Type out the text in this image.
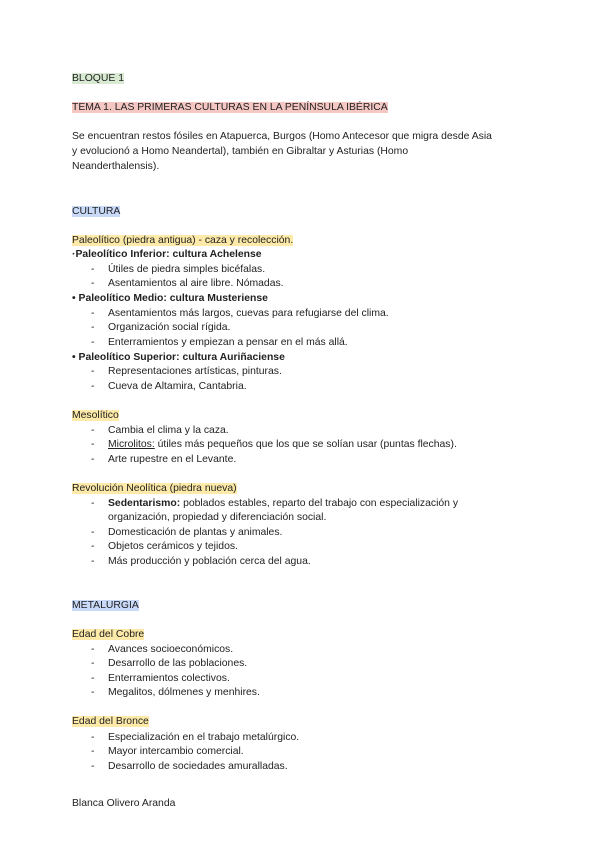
BLOQUE 1
TEMA 1. LAS PRIMERAS CULTURAS EN LA PENÍNSULA IBÉRICA
Se encuentran restos fósiles en Atapuerca, Burgos (Homo Antecesor que migra desde Asia
y evolucionó a Homo Neandertal), también en Gibraltar y Asturias (Homo
Neanderthalensis).
CULTURA
Paleolítico (piedra antigua) - caza y recolección.
·Paleolítico Inferior: cultura Achelense
- Útiles de piedra simples bicéfalas.
- Asentamientos al aire libre. Nómadas.
• Paleolítico Medio: cultura Musteriense
- Asentamientos más largos, cuevas para refugiarse del clima.
- Organización social rígida.
- Enterramientos y empiezan a pensar en el más allá.
• Paleolítico Superior: cultura Auriñaciense
- Representaciones artísticas, pinturas.
- Cueva de Altamira, Cantabria.
Mesolítico
- Cambia el clima y la caza.
- Microlitos: útiles más pequeños que los que se solían usar (puntas flechas).
- Arte rupestre en el Levante.
Revolución Neolítica (piedra nueva)
- Sedentarismo: poblados estables, reparto del trabajo con especialización y
organización, propiedad y diferenciación social.
- Domesticación de plantas y animales.
- Objetos cerámicos y tejidos.
- Más producción y población cerca del agua.
METALURGIA
Edad del Cobre
- Avances socioeconómicos.
- Desarrollo de las poblaciones.
- Enterramientos colectivos.
- Megalitos, dólmenes y menhires.
Edad del Bronce
- Especialización en el trabajo metalúrgico.
- Mayor intercambio comercial.
- Desarrollo de sociedades amuralladas.
Blanca Olivero Aranda
